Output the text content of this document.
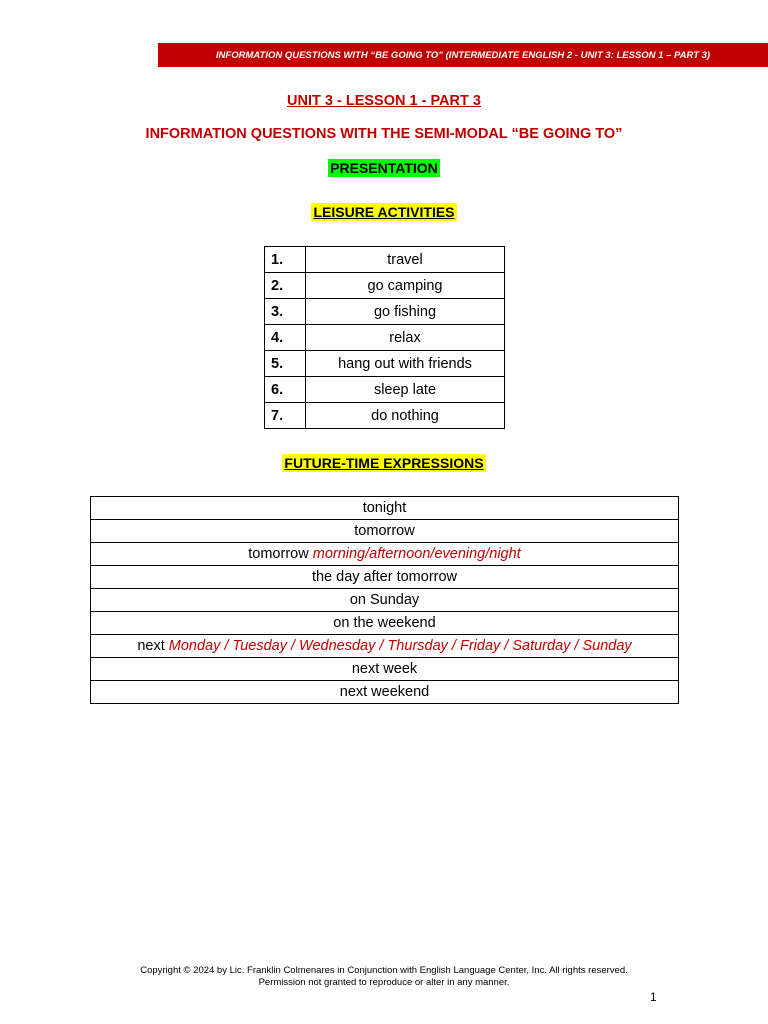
INFORMATION QUESTIONS WITH “BE GOING TO” (INTERMEDIATE ENGLISH 2 - UNIT 3: LESSON 1 – PART 3)
UNIT 3 - LESSON 1 - PART 3
INFORMATION QUESTIONS WITH THE SEMI-MODAL “BE GOING TO”
PRESENTATION
LEISURE ACTIVITIES
1.	travel
2.	go camping
3.	go fishing
4.	relax
5.	hang out with friends
6.	sleep late
7.	do nothing
FUTURE-TIME EXPRESSIONS
tonight
tomorrow
tomorrow morning/afternoon/evening/night
the day after tomorrow
on Sunday
on the weekend
next Monday / Tuesday / Wednesday / Thursday / Friday / Saturday / Sunday
next week
next weekend
Copyright © 2024 by Lic. Franklin Colmenares in Conjunction with English Language Center, Inc. All rights reserved.
Permission not granted to reproduce or alter in any manner.
1
